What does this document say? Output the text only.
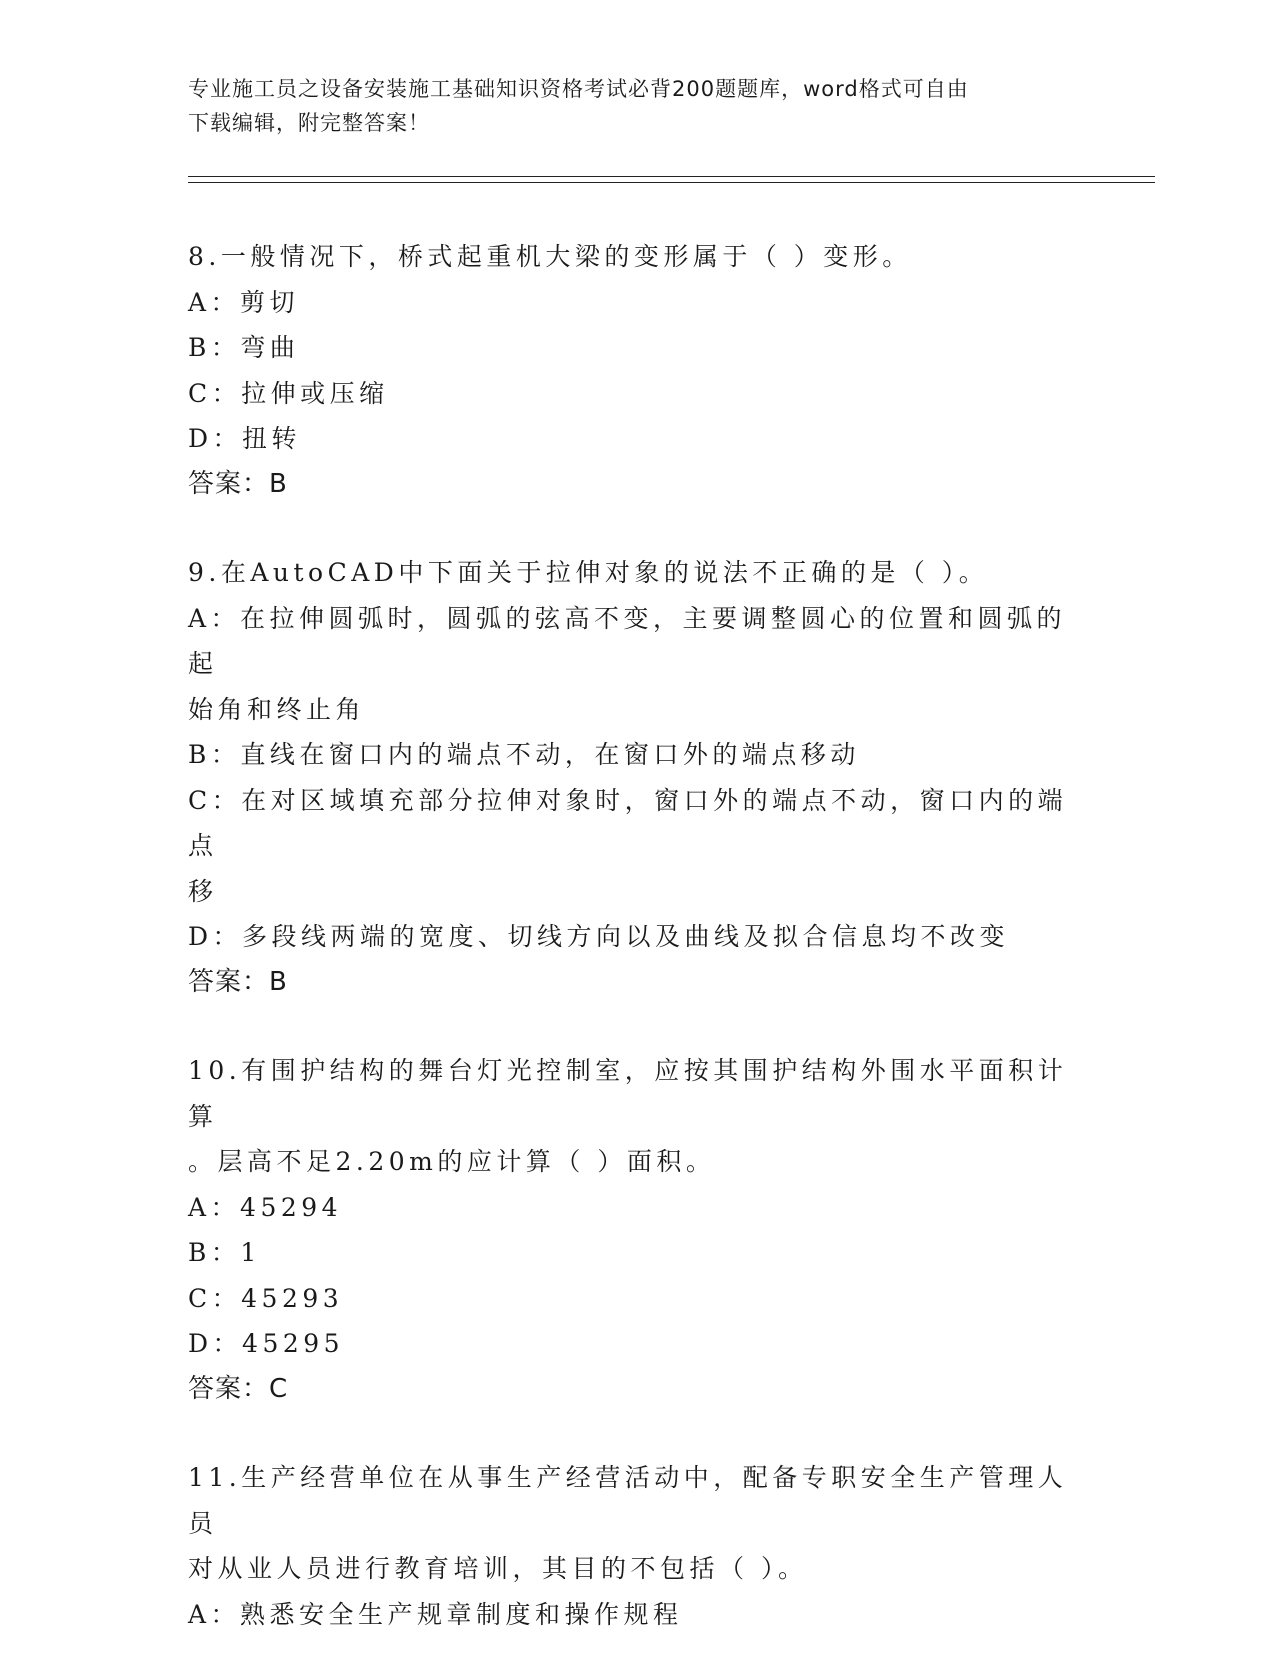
专业施工员之设备安装施工基础知识资格考试必背200题题库，word格式可自由
下载编辑，附完整答案！

8.一般情况下，桥式起重机大梁的变形属于（ ）变形。

A：剪切

B：弯曲

C：拉伸或压缩

D：扭转

答案：B

9.在AutoCAD中下面关于拉伸对象的说法不正确的是（ ）。

A：在拉伸圆弧时，圆弧的弦高不变，主要调整圆心的位置和圆弧的起

始角和终止角

B：直线在窗口内的端点不动，在窗口外的端点移动

C：在对区域填充部分拉伸对象时，窗口外的端点不动，窗口内的端点

移

D：多段线两端的宽度、切线方向以及曲线及拟合信息均不改变

答案：B

10.有围护结构的舞台灯光控制室，应按其围护结构外围水平面积计算

。层高不足2.20m的应计算（ ）面积。

A：45294

B：1

C：45293

D：45295

答案：C

11.生产经营单位在从事生产经营活动中，配备专职安全生产管理人员

对从业人员进行教育培训，其目的不包括（ ）。

A：熟悉安全生产规章制度和操作规程
